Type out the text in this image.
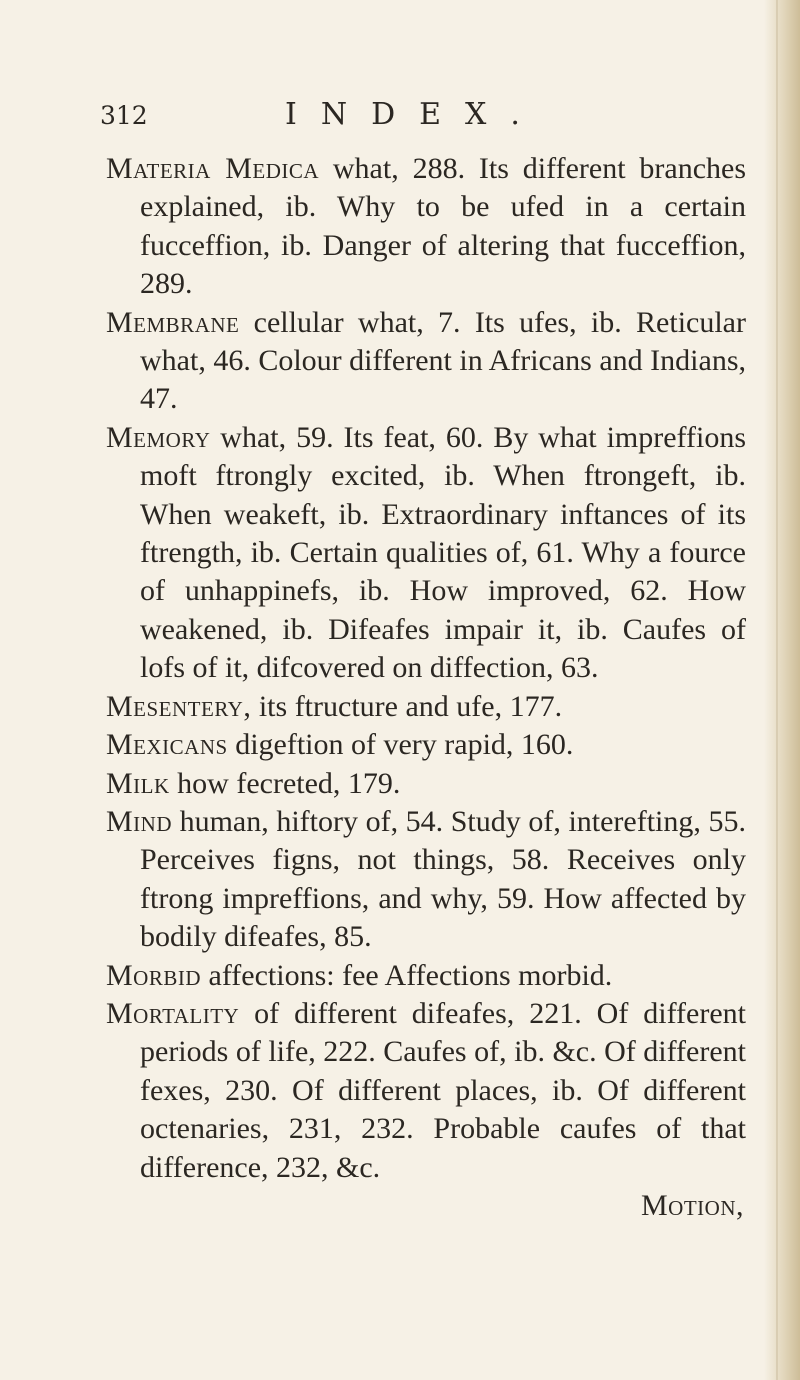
312	INDEX.

Materia Medica what, 288. Its different branches explained, ib. Why to be ufed in a certain fucceffion, ib. Danger of altering that fucceffion, 289.

Membrane cellular what, 7. Its ufes, ib. Reticular what, 46. Colour different in Africans and Indians, 47.

Memory what, 59. Its feat, 60. By what impreffions moft ftrongly excited, ib. When ftrongeft, ib. When weakeft, ib. Extraordinary inftances of its ftrength, ib. Certain qualities of, 61. Why a fource of unhappinefs, ib. How improved, 62. How weakened, ib. Difeafes impair it, ib. Caufes of lofs of it, difcovered on diffection, 63.

Mesentery, its ftructure and ufe, 177.

Mexicans digeftion of very rapid, 160.

Milk how fecreted, 179.

Mind human, hiftory of, 54. Study of, interefting, 55. Perceives figns, not things, 58. Receives only ftrong impreffions, and why, 59. How affected by bodily difeafes, 85.

Morbid affections: fee Affections morbid.

Mortality of different difeafes, 221. Of different periods of life, 222. Caufes of, ib. &c. Of different fexes, 230. Of different places, ib. Of different octenaries, 231, 232. Probable caufes of that difference, 232, &c.

Motion,
